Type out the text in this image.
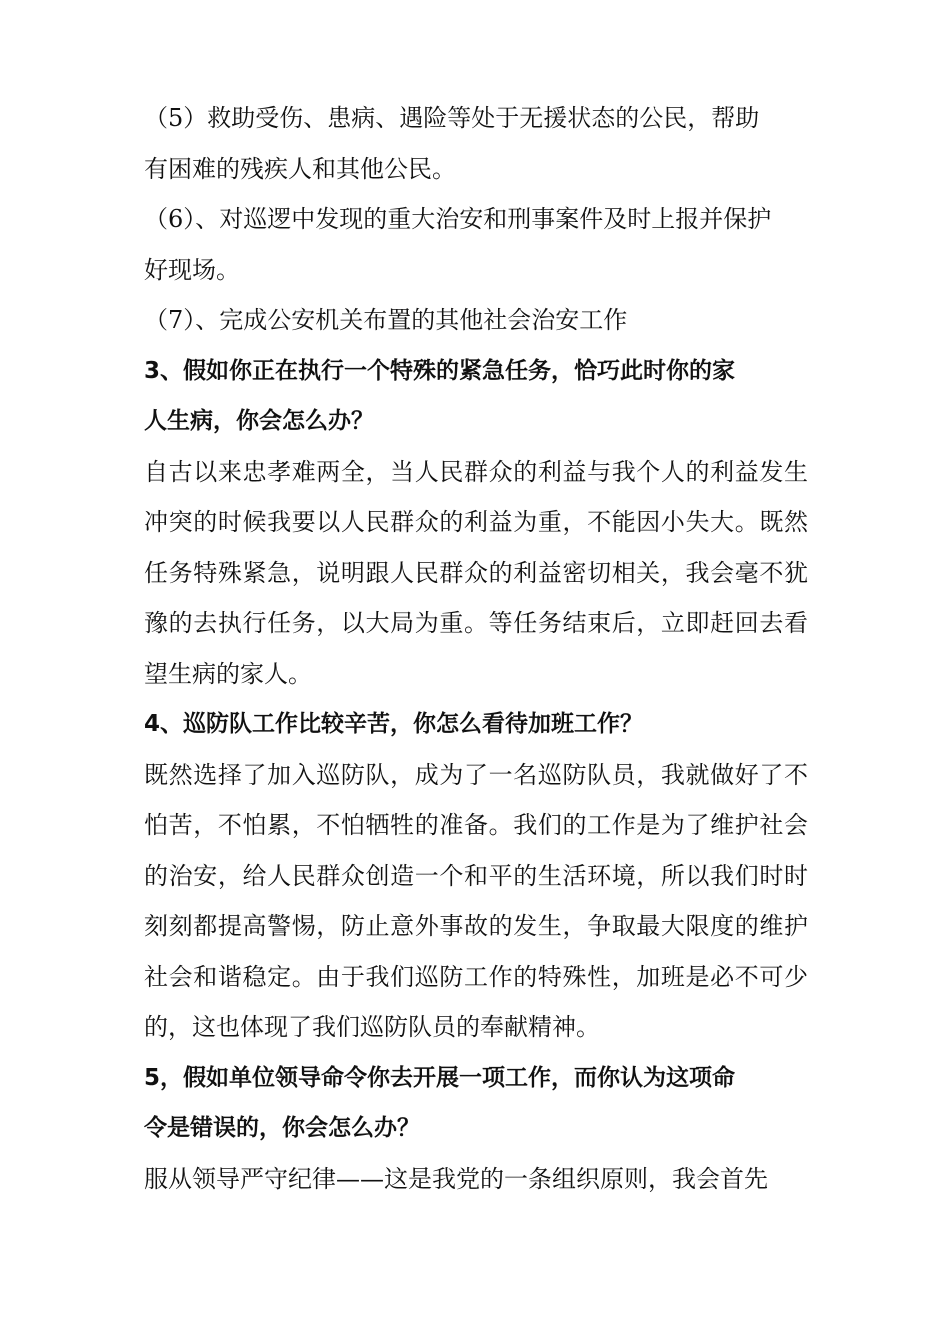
（5）救助受伤、患病、遇险等处于无援状态的公民，帮助

有困难的残疾人和其他公民。

（6）、对巡逻中发现的重大治安和刑事案件及时上报并保护

好现场。

（7）、完成公安机关布置的其他社会治安工作

3、假如你正在执行一个特殊的紧急任务，恰巧此时你的家

人生病，你会怎么办？

自古以来忠孝难两全，当人民群众的利益与我个人的利益发生冲突的时候我要以人民群众的利益为重，不能因小失大。既然任务特殊紧急，说明跟人民群众的利益密切相关，我会毫不犹豫的去执行任务，以大局为重。等任务结束后，立即赶回去看望生病的家人。

4、巡防队工作比较辛苦，你怎么看待加班工作？

既然选择了加入巡防队，成为了一名巡防队员，我就做好了不怕苦，不怕累，不怕牺牲的准备。我们的工作是为了维护社会的治安，给人民群众创造一个和平的生活环境，所以我们时时刻刻都提高警惕，防止意外事故的发生，争取最大限度的维护社会和谐稳定。由于我们巡防工作的特殊性，加班是必不可少的，这也体现了我们巡防队员的奉献精神。

5，假如单位领导命令你去开展一项工作，而你认为这项命

令是错误的，你会怎么办？

服从领导严守纪律——这是我党的一条组织原则，我会首先
